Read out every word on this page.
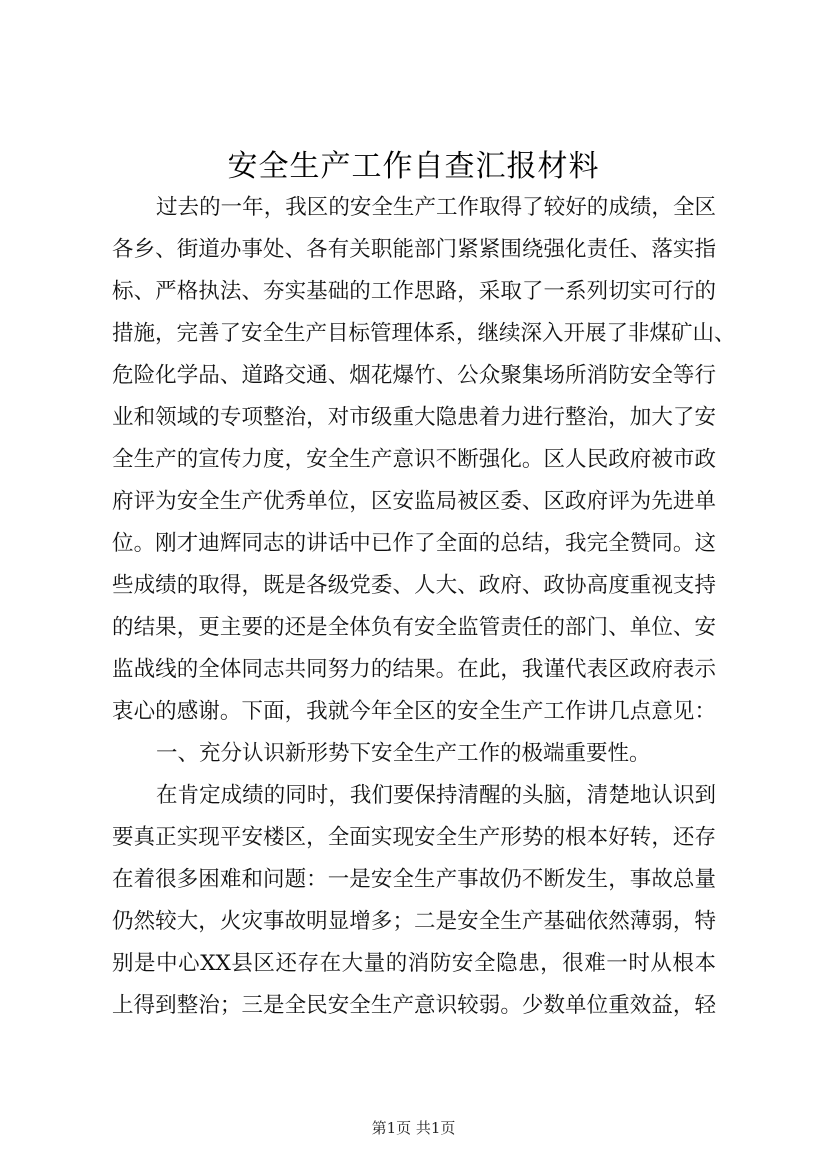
安全生产工作自查汇报材料
过去的一年，我区的安全生产工作取得了较好的成绩，全区
各乡、街道办事处、各有关职能部门紧紧围绕强化责任、落实指
标、严格执法、夯实基础的工作思路，采取了一系列切实可行的
措施，完善了安全生产目标管理体系，继续深入开展了非煤矿山、
危险化学品、道路交通、烟花爆竹、公众聚集场所消防安全等行
业和领域的专项整治，对市级重大隐患着力进行整治，加大了安
全生产的宣传力度，安全生产意识不断强化。区人民政府被市政
府评为安全生产优秀单位，区安监局被区委、区政府评为先进单
位。刚才迪辉同志的讲话中已作了全面的总结，我完全赞同。这
些成绩的取得，既是各级党委、人大、政府、政协高度重视支持
的结果，更主要的还是全体负有安全监管责任的部门、单位、安
监战线的全体同志共同努力的结果。在此，我谨代表区政府表示
衷心的感谢。下面，我就今年全区的安全生产工作讲几点意见：
一、充分认识新形势下安全生产工作的极端重要性。
在肯定成绩的同时，我们要保持清醒的头脑，清楚地认识到
要真正实现平安楼区，全面实现安全生产形势的根本好转，还存
在着很多困难和问题：一是安全生产事故仍不断发生，事故总量
仍然较大，火灾事故明显增多；二是安全生产基础依然薄弱，特
别是中心XX县区还存在大量的消防安全隐患，很难一时从根本
上得到整治；三是全民安全生产意识较弱。少数单位重效益，轻
第1页 共1页
